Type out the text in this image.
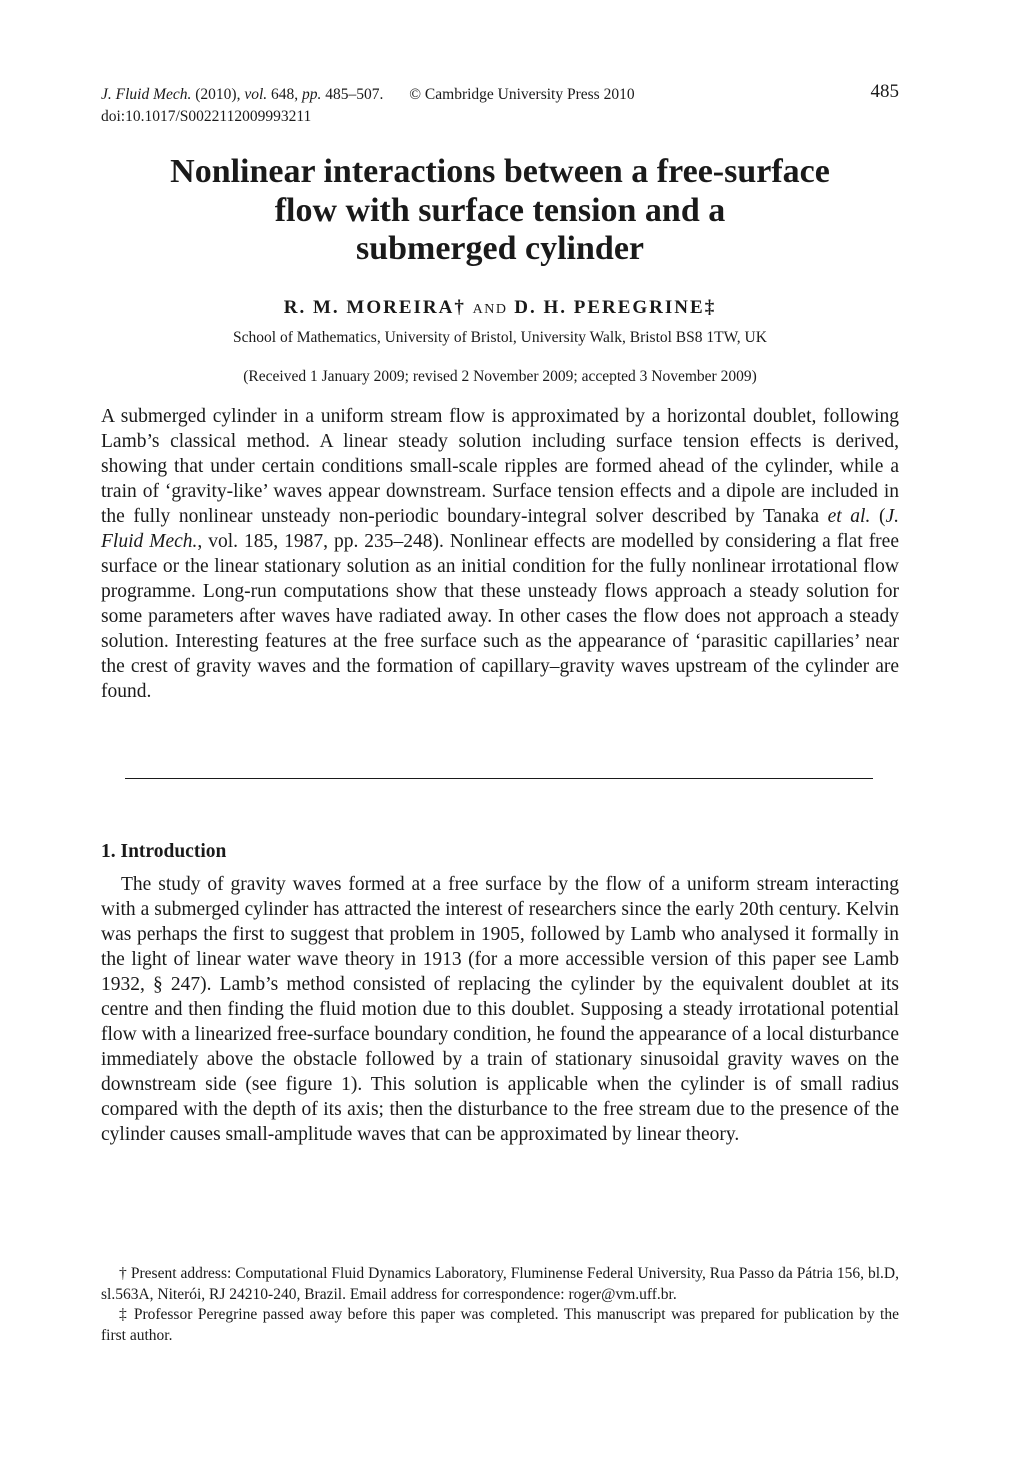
J. Fluid Mech. (2010), vol. 648, pp. 485–507. © Cambridge University Press 2010
doi:10.1017/S0022112009993211
485
Nonlinear interactions between a free-surface
flow with surface tension and a
submerged cylinder
R. M. MOREIRA† AND D. H. PEREGRINE‡
School of Mathematics, University of Bristol, University Walk, Bristol BS8 1TW, UK
(Received 1 January 2009; revised 2 November 2009; accepted 3 November 2009)

A submerged cylinder in a uniform stream flow is approximated by a horizontal doublet, following Lamb’s classical method. A linear steady solution including surface tension effects is derived, showing that under certain conditions small-scale ripples are formed ahead of the cylinder, while a train of ‘gravity-like’ waves appear downstream. Surface tension effects and a dipole are included in the fully nonlinear unsteady non-periodic boundary-integral solver described by Tanaka et al. (J. Fluid Mech., vol. 185, 1987, pp. 235–248). Nonlinear effects are modelled by considering a flat free surface or the linear stationary solution as an initial condition for the fully nonlinear irrotational flow programme. Long-run computations show that these unsteady flows approach a steady solution for some parameters after waves have radiated away. In other cases the flow does not approach a steady solution. Interesting features at the free surface such as the appearance of ‘parasitic capillaries’ near the crest of gravity waves and the formation of capillary–gravity waves upstream of the cylinder are found.

1. Introduction

The study of gravity waves formed at a free surface by the flow of a uniform stream interacting with a submerged cylinder has attracted the interest of researchers since the early 20th century. Kelvin was perhaps the first to suggest that problem in 1905, followed by Lamb who analysed it formally in the light of linear water wave theory in 1913 (for a more accessible version of this paper see Lamb 1932, § 247). Lamb’s method consisted of replacing the cylinder by the equivalent doublet at its centre and then finding the fluid motion due to this doublet. Supposing a steady irrotational potential flow with a linearized free-surface boundary condition, he found the appearance of a local disturbance immediately above the obstacle followed by a train of stationary sinusoidal gravity waves on the downstream side (see figure 1). This solution is applicable when the cylinder is of small radius compared with the depth of its axis; then the disturbance to the free stream due to the presence of the cylinder causes small-amplitude waves that can be approximated by linear theory.

† Present address: Computational Fluid Dynamics Laboratory, Fluminense Federal University, Rua Passo da Pátria 156, bl.D, sl.563A, Niterói, RJ 24210-240, Brazil. Email address for correspondence: roger@vm.uff.br.

‡ Professor Peregrine passed away before this paper was completed. This manuscript was prepared for publication by the first author.
